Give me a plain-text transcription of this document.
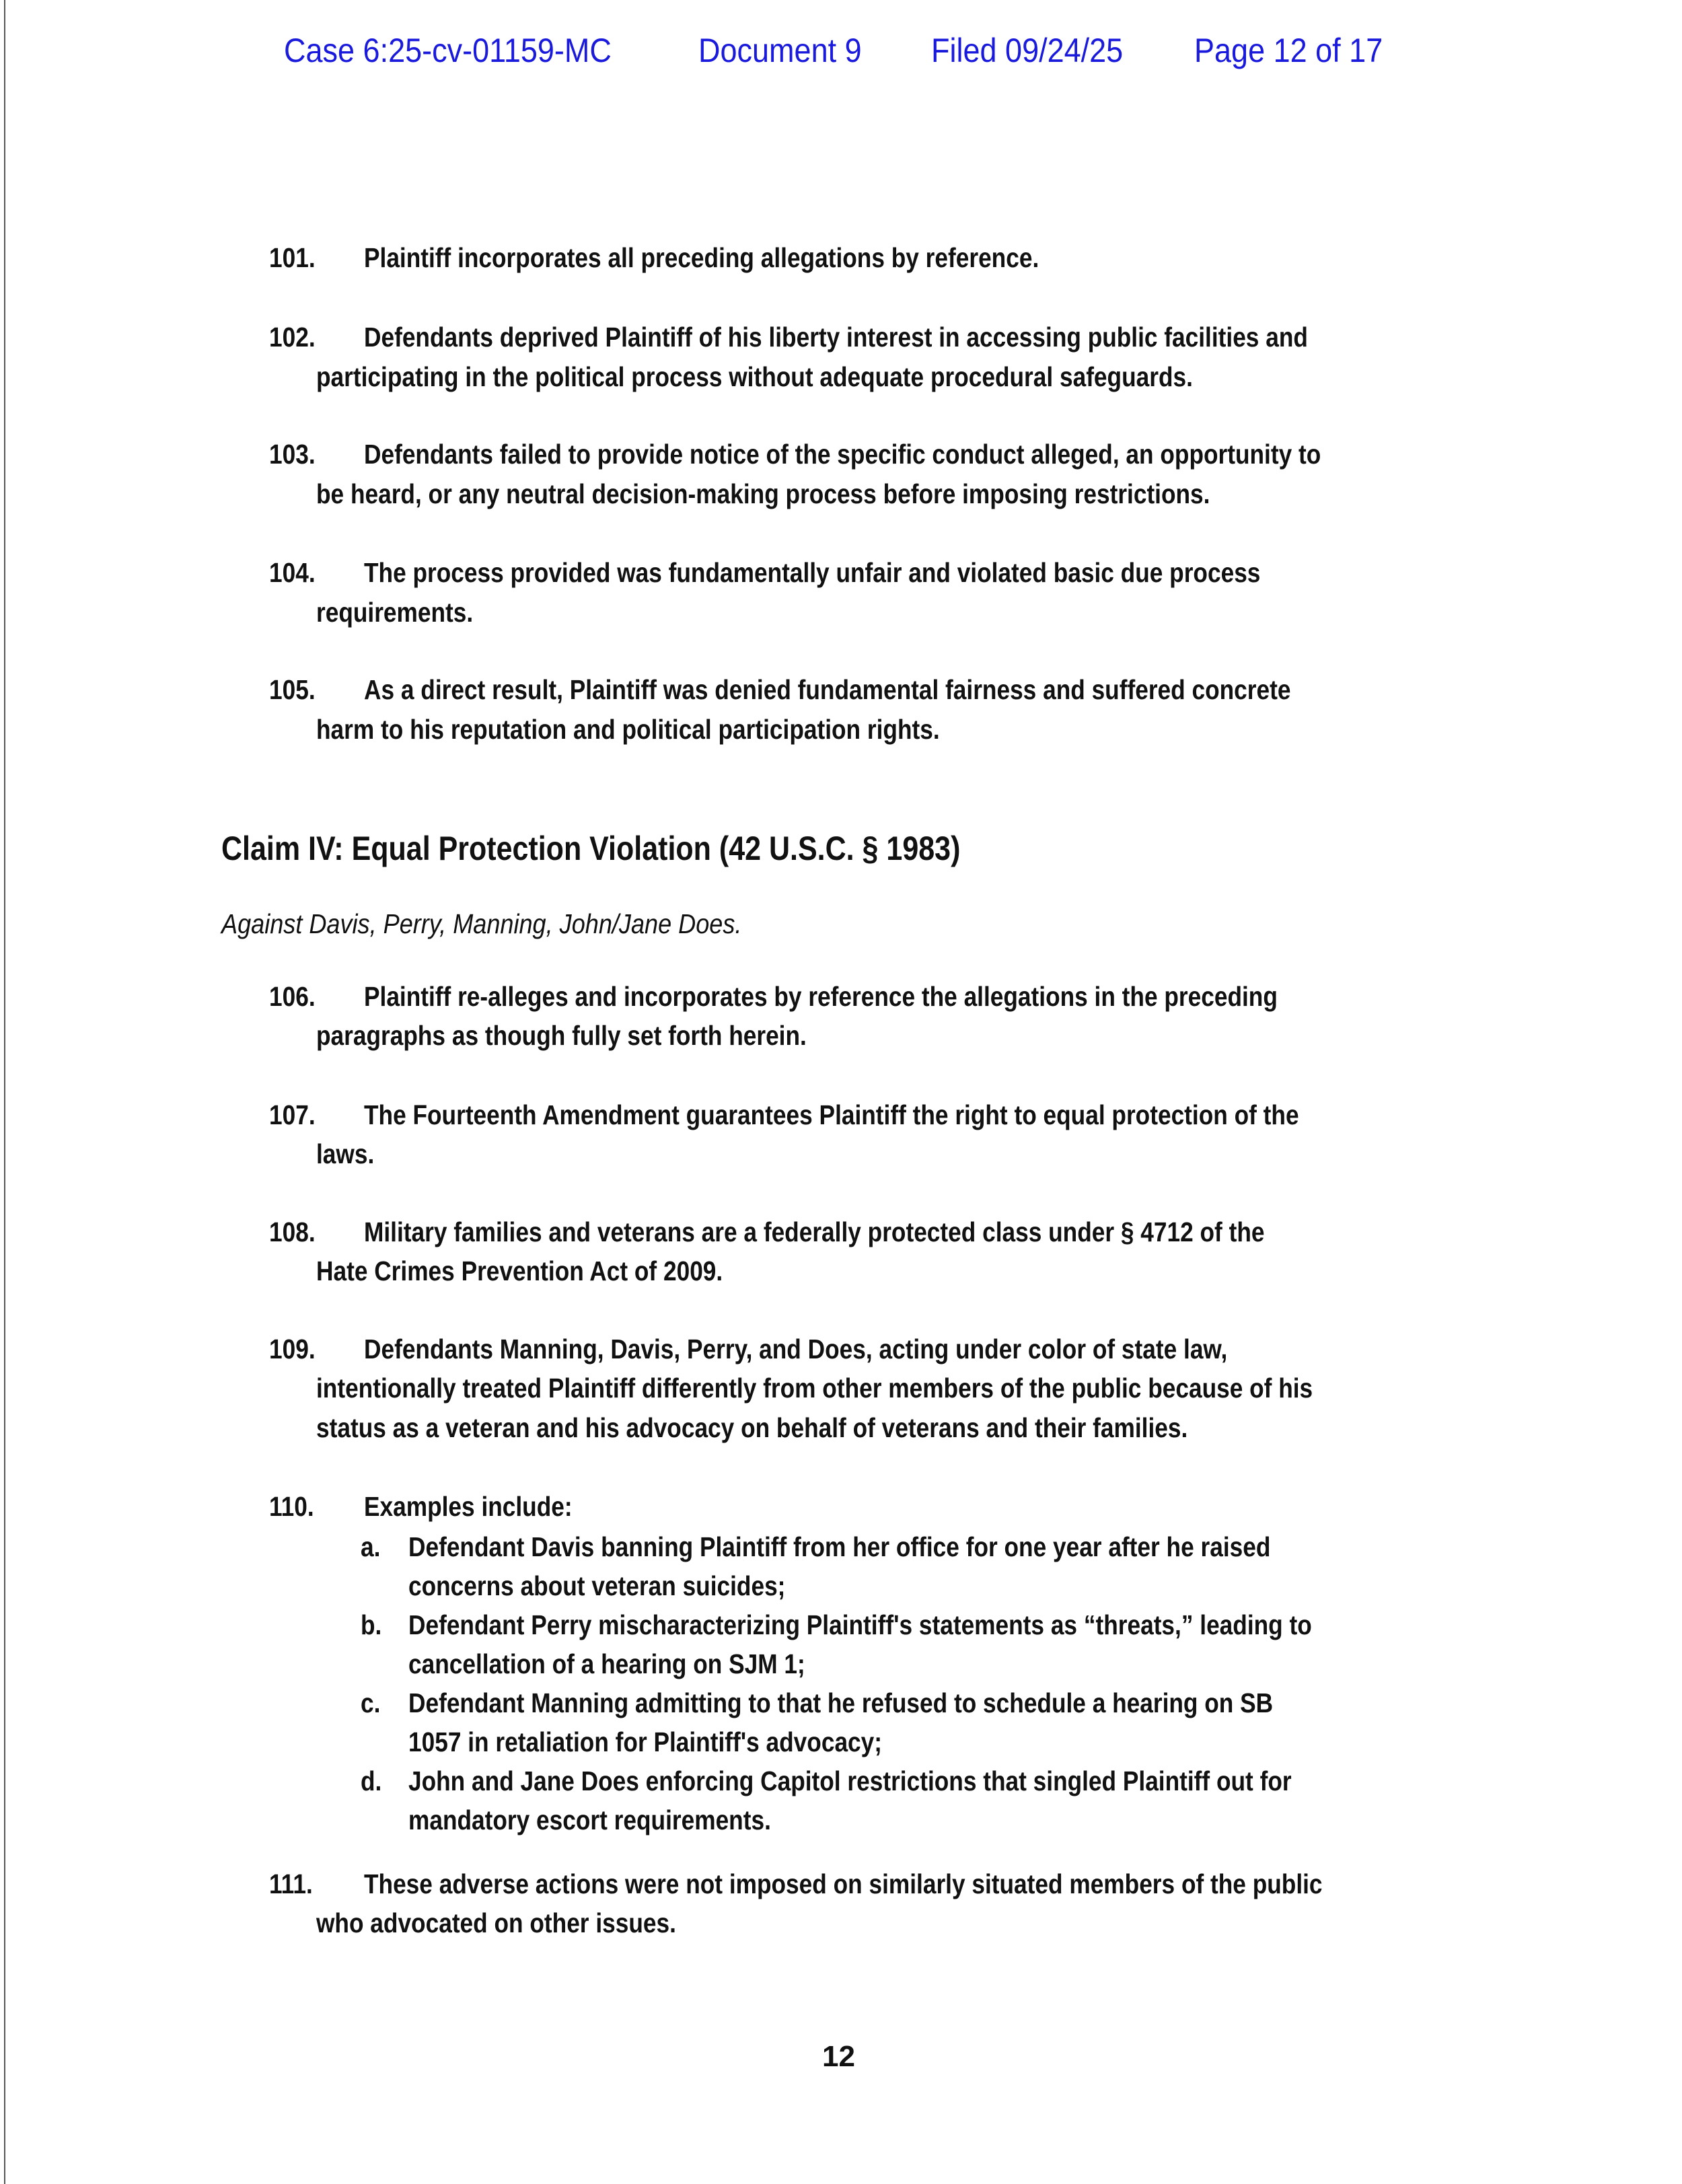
Case 6:25-cv-01159-MC	Document 9 Filed 09/24/25 Page 12 of 17
101. Plaintiff incorporates all preceding allegations by reference.
102. Defendants deprived Plaintiff of his liberty interest in accessing public facilities and
participating in the political process without adequate procedural safeguards.
103. Defendants failed to provide notice of the specific conduct alleged, an opportunity to
be heard, or any neutral decision-making process before imposing restrictions.
104. The process provided was fundamentally unfair and violated basic due process
requirements.
105. As a direct result, Plaintiff was denied fundamental fairness and suffered concrete
harm to his reputation and political participation rights.
106. Plaintiff re-alleges and incorporates by reference the allegations in the preceding
paragraphs as though fully set forth herein.
107. The Fourteenth Amendment guarantees Plaintiff the right to equal protection of the
laws.
108. Military families and veterans are a federally protected class under § 4712 of the
Hate Crimes Prevention Act of 2009.
109. Defendants Manning, Davis, Perry, and Does, acting under color of state law,
intentionally treated Plaintiff differently from other members of the public because of his
status as a veteran and his advocacy on behalf of veterans and their families.
110. Examples include:
a. Defendant Davis banning Plaintiff from her office for one year after he raised
concerns about veteran suicides;
b. Defendant Perry mischaracterizing Plaintiff's statements as “threats,” leading to
cancellation of a hearing on SJM 1;
c. Defendant Manning admitting to that he refused to schedule a hearing on SB
1057 in retaliation for Plaintiff's advocacy;
d. John and Jane Does enforcing Capitol restrictions that singled Plaintiff out for
mandatory escort requirements.
111. These adverse actions were not imposed on similarly situated members of the public
who advocated on other issues.
Claim IV: Equal Protection Violation (42 U.S.C. § 1983)
Against Davis, Perry, Manning, John/Jane Does.
12
